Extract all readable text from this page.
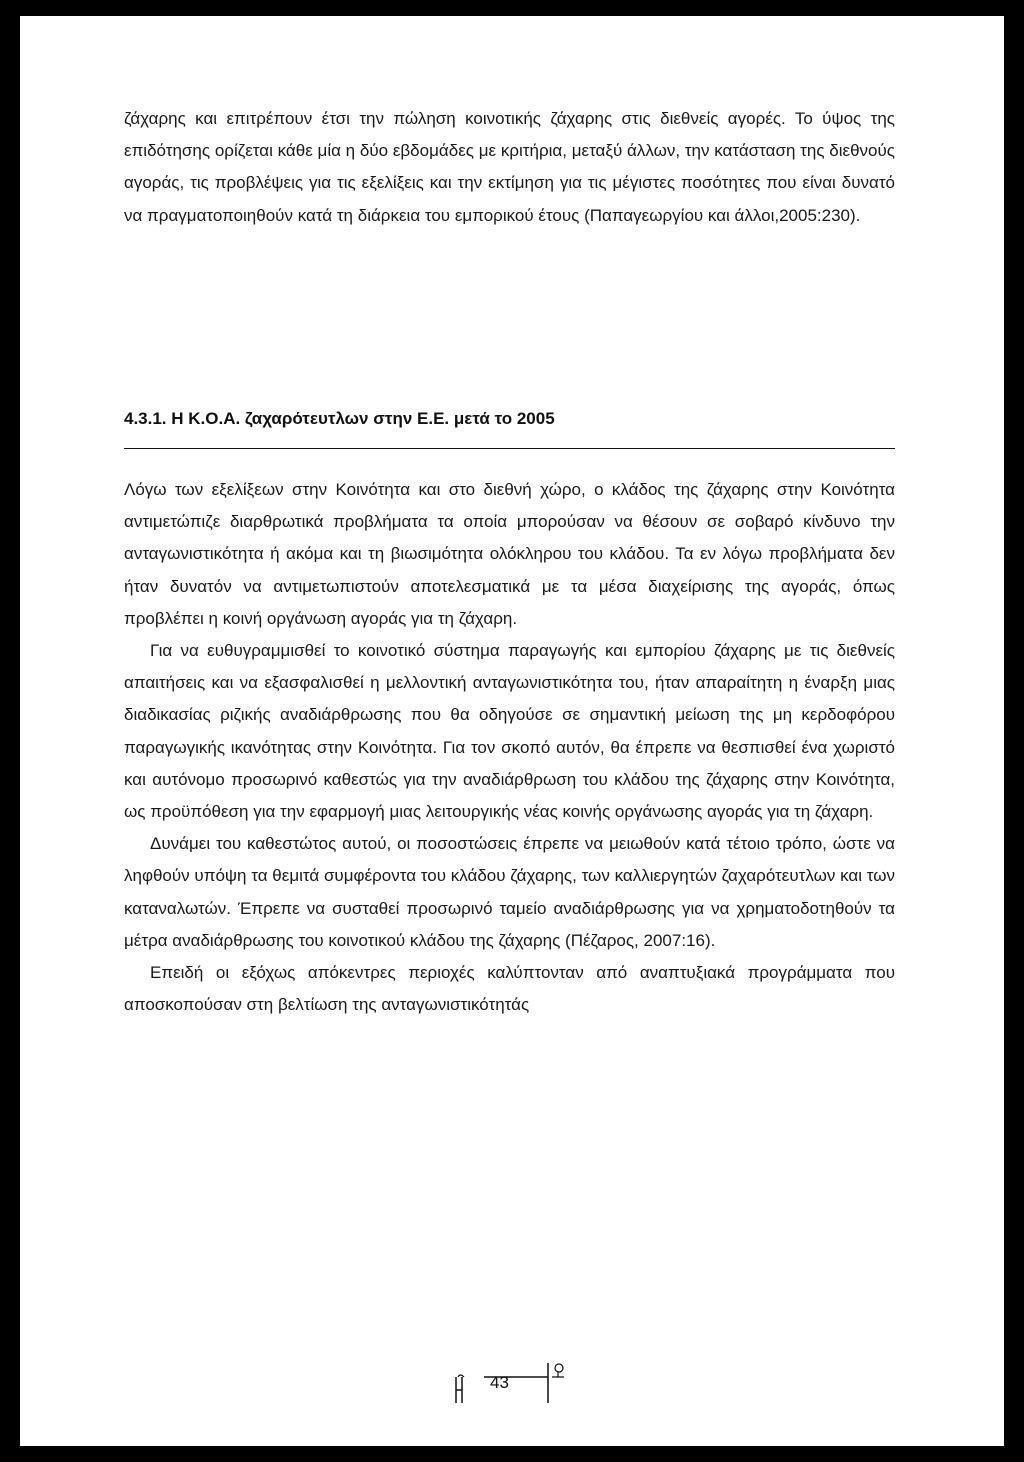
ζάχαρης και επιτρέπουν έτσι την πώληση κοινοτικής ζάχαρης στις διεθνείς αγορές. Το ύψος της επιδότησης ορίζεται κάθε μία η δύο εβδομάδες με κριτήρια, μεταξύ άλλων, την κατάσταση της διεθνούς αγοράς, τις προβλέψεις για τις εξελίξεις και την εκτίμηση για τις μέγιστες ποσότητες που είναι δυνατό να πραγματοποιηθούν κατά τη διάρκεια του εμπορικού έτους (Παπαγεωργίου και άλλοι,2005:230).

4.3.1. Η Κ.Ο.Α. ζαχαρότευτλων στην Ε.Ε. μετά το 2005

Λόγω των εξελίξεων στην Κοινότητα και στο διεθνή χώρο, ο κλάδος της ζάχαρης στην Κοινότητα αντιμετώπιζε διαρθρωτικά προβλήματα τα οποία μπορούσαν να θέσουν σε σοβαρό κίνδυνο την ανταγωνιστικότητα ή ακόμα και τη βιωσιμότητα ολόκληρου του κλάδου. Τα εν λόγω προβλήματα δεν ήταν δυνατόν να αντιμετωπιστούν αποτελεσματικά με τα μέσα διαχείρισης της αγοράς, όπως προβλέπει η κοινή οργάνωση αγοράς για τη ζάχαρη.

Για να ευθυγραμμισθεί το κοινοτικό σύστημα παραγωγής και εμπορίου ζάχαρης με τις διεθνείς απαιτήσεις και να εξασφαλισθεί η μελλοντική ανταγωνιστικότητα του, ήταν απαραίτητη η έναρξη μιας διαδικασίας ριζικής αναδιάρθρωσης που θα οδηγούσε σε σημαντική μείωση της μη κερδοφόρου παραγωγικής ικανότητας στην Κοινότητα. Για τον σκοπό αυτόν, θα έπρεπε να θεσπισθεί ένα χωριστό και αυτόνομο προσωρινό καθεστώς για την αναδιάρθρωση του κλάδου της ζάχαρης στην Κοινότητα, ως προϋπόθεση για την εφαρμογή μιας λειτουργικής νέας κοινής οργάνωσης αγοράς για τη ζάχαρη.

Δυνάμει του καθεστώτος αυτού, οι ποσοστώσεις έπρεπε να μειωθούν κατά τέτοιο τρόπο, ώστε να ληφθούν υπόψη τα θεμιτά συμφέροντα του κλάδου ζάχαρης, των καλλιεργητών ζαχαρότευτλων και των καταναλωτών. Έπρεπε να συσταθεί προσωρινό ταμείο αναδιάρθρωσης για να χρηματοδοτηθούν τα μέτρα αναδιάρθρωσης του κοινοτικού κλάδου της ζάχαρης (Πέζαρος, 2007:16).

Επειδή οι εξόχως απόκεντρες περιοχές καλύπτονταν από αναπτυξιακά προγράμματα που αποσκοπούσαν στη βελτίωση της ανταγωνιστικότητάς

43
